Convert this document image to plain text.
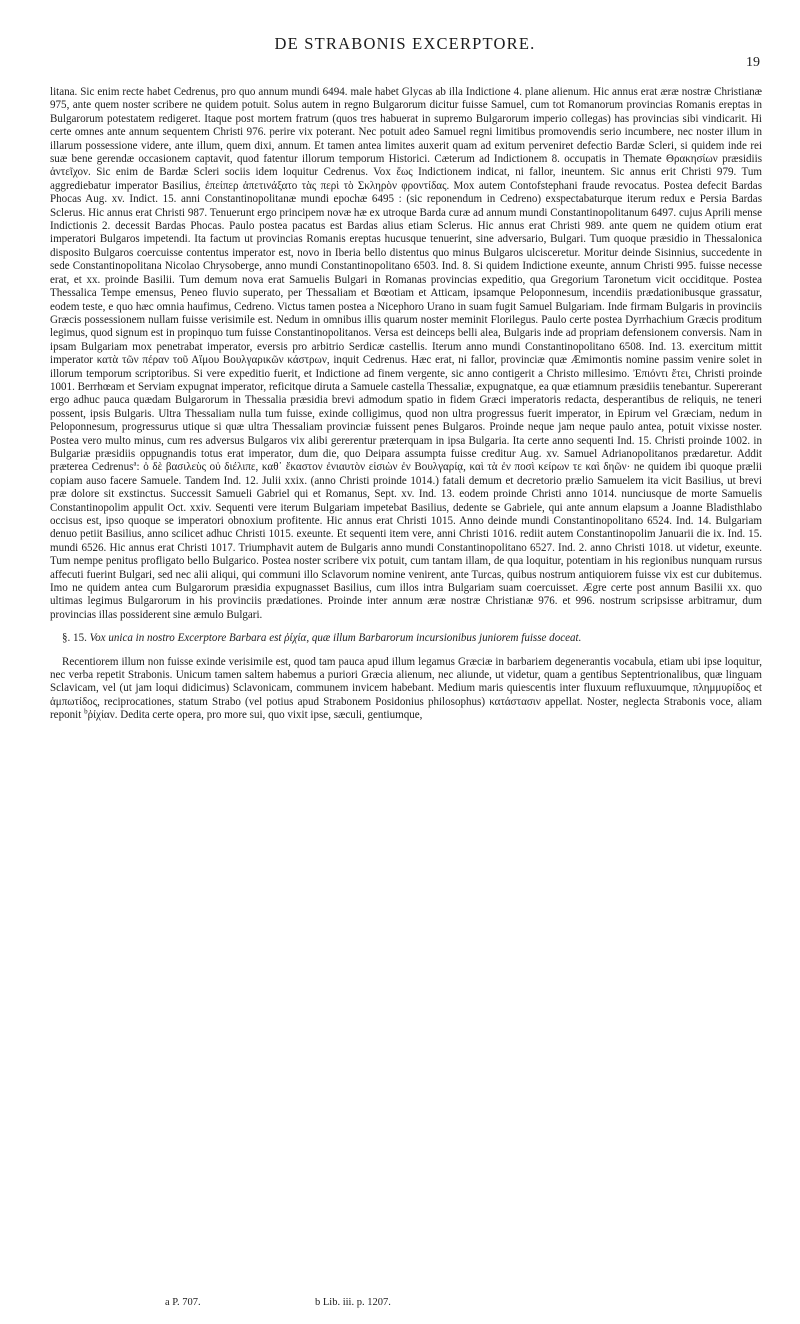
DE STRABONIS EXCERPTORE.
19

litana. Sic enim recte habet Cedrenus, pro quo annum mundi 6494. male habet Glycas ab illa Indictione 4. plane alienum. Hic annus erat æræ nostræ Christianæ 975, ante quem noster scribere ne quidem potuit. Solus autem in regno Bulgarorum dicitur fuisse Samuel, cum tot Romanorum provincias Romanis ereptas in Bulgarorum potestatem redigeret. Itaque post mortem fratrum (quos tres habuerat in supremo Bulgarorum imperio collegas) has provincias sibi vindicarit. Hi certe omnes ante annum sequentem Christi 976. perire vix poterant. Nec potuit adeo Samuel regni limitibus promovendis serio incumbere, nec noster illum in illarum possessione videre, ante illum, quem dixi, annum. Et tamen antea limites auxerit quam ad exitum perveniret defectio Bardæ Scleri, si quidem inde rei suæ bene gerendæ occasionem captavit, quod fatentur illorum temporum Historici. Cæterum ad Indictionem 8. occupatis in Themate Θρακησίων præsidiis ἀντεῖχον. Sic enim de Bardæ Scleri sociis idem loquitur Cedrenus. Vox ἕως Indictionem indicat, ni fallor, ineuntem. Sic annus erit Christi 979. Tum aggrediebatur imperator Basilius, ἐπείπερ ἀπετινάξατο τὰς περὶ τὸ Σκληρὸν φροντίδας. Mox autem Contofstephani fraude revocatus. Postea defecit Bardas Phocas Aug. xv. Indict. 15. anni Constantinopolitanæ mundi epochæ 6495 : (sic reponendum in Cedreno) exspectabaturque iterum redux e Persia Bardas Sclerus. Hic annus erat Christi 987. Tenuerunt ergo principem novæ hæ ex utroque Barda curæ ad annum mundi Constantinopolitanum 6497. cujus Aprili mense Indictionis 2. decessit Bardas Phocas. Paulo postea pacatus est Bardas alius etiam Sclerus. Hic annus erat Christi 989. ante quem ne quidem otium erat imperatori Bulgaros impetendi. Ita factum ut provincias Romanis ereptas hucusque tenuerint, sine adversario, Bulgari. Tum quoque præsidio in Thessalonica disposito Bulgaros coercuisse contentus imperator est, novo in Iberia bello distentus quo minus Bulgaros ulcisceretur. Moritur deinde Sisinnius, succedente in sede Constantinopolitana Nicolao Chrysoberge, anno mundi Constantinopolitano 6503. Ind. 8. Si quidem Indictione exeunte, annum Christi 995. fuisse necesse erat, et xx. proinde Basilii. Tum demum nova erat Samuelis Bulgari in Romanas provincias expeditio, qua Gregorium Taronetum vicit occiditque. Postea Thessalica Tempe emensus, Peneo fluvio superato, per Thessaliam et Bœotiam et Atticam, ipsamque Peloponnesum, incendiis prædationibusque grassatur, eodem teste, e quo hæc omnia haufimus, Cedreno. Victus tamen postea a Nicephoro Urano in suam fugit Samuel Bulgariam. Inde firmam Bulgaris in provinciis Græcis possessionem nullam fuisse verisimile est. Nedum in omnibus illis quarum noster meminit Florilegus. Paulo certe postea Dyrrhachium Græcis proditum legimus, quod signum est in propinquo tum fuisse Constantinopolitanos. Versa est deinceps belli alea, Bulgaris inde ad propriam defensionem conversis. Nam in ipsam Bulgariam mox penetrabat imperator, eversis pro arbitrio Serdicæ castellis. Iterum anno mundi Constantinopolitano 6508. Ind. 13. exercitum mittit imperator κατὰ τῶν πέραν τοῦ Αἵμου Βουλγαρικῶν κάστρων, inquit Cedrenus. Hæc erat, ni fallor, provinciæ quæ Æmimontis nomine passim venire solet in illorum temporum scriptoribus. Si vere expeditio fuerit, et Indictione ad finem vergente, sic anno contigerit a Christo millesimo. Ἐπιόντι ἔτει, Christi proinde 1001. Berrhœam et Serviam expugnat imperator, reficitque diruta a Samuele castella Thessaliæ, expugnatque, ea quæ etiamnum præsidiis tenebantur. Supererant ergo adhuc pauca quædam Bulgarorum in Thessalia præsidia brevi admodum spatio in fidem Græci imperatoris redacta, desperantibus de reliquis, ne teneri possent, ipsis Bulgaris. Ultra Thessaliam nulla tum fuisse, exinde colligimus, quod non ultra progressus fuerit imperator, in Epirum vel Græciam, nedum in Peloponnesum, progressurus utique si quæ ultra Thessaliam provinciæ fuissent penes Bulgaros. Proinde neque jam neque paulo antea, potuit vixisse noster. Postea vero multo minus, cum res adversus Bulgaros vix alibi gererentur præterquam in ipsa Bulgaria. Ita certe anno sequenti Ind. 15. Christi proinde 1002. in Bulgariæ præsidiis oppugnandis totus erat imperator, dum die, quo Deipara assumpta fuisse creditur Aug. xv. Samuel Adrianopolitanos prædaretur. Addit præterea Cedrenus$^a$: ὁ δὲ βασιλεὺς οὐ διέλιπε, καθ᾿ ἕκαστον ἐνιαυτὸν εἰσιὼν ἐν Βουλγαρίᾳ, καὶ τὰ ἐν ποσὶ κείρων τε καὶ δηῶν· ne quidem ibi quoque prælii copiam auso facere Samuele. Tandem Ind. 12. Julii xxix. (anno Christi proinde 1014.) fatali demum et decretorio prælio Samuelem ita vicit Basilius, ut brevi præ dolore sit exstinctus. Successit Samueli Gabriel qui et Romanus, Sept. xv. Ind. 13. eodem proinde Christi anno 1014. nunciusque de morte Samuelis Constantinopolim appulit Oct. xxiv. Sequenti vere iterum Bulgariam impetebat Basilius, dedente se Gabriele, qui ante annum elapsum a Joanne Bladisthlabo occisus est, ipso quoque se imperatori obnoxium profitente. Hic annus erat Christi 1015. Anno deinde mundi Constantinopolitano 6524. Ind. 14. Bulgariam denuo petiit Basilius, anno scilicet adhuc Christi 1015. exeunte. Et sequenti item vere, anni Christi 1016. rediit autem Constantinopolim Januarii die ix. Ind. 15. mundi 6526. Hic annus erat Christi 1017. Triumphavit autem de Bulgaris anno mundi Constantinopolitano 6527. Ind. 2. anno Christi 1018. ut videtur, exeunte. Tum nempe penitus profligato bello Bulgarico. Postea noster scribere vix potuit, cum tantam illam, de qua loquitur, potentiam in his regionibus nunquam rursus affecuti fuerint Bulgari, sed nec alii aliqui, qui communi illo Sclavorum nomine venirent, ante Turcas, quibus nostrum antiquiorem fuisse vix est cur dubitemus. Imo ne quidem antea cum Bulgarorum præsidia expugnasset Basilius, cum illos intra Bulgariam suam coercuisset. Ægre certe post annum Basilii xx. quo ultimas legimus Bulgarorum in his provinciis prædationes. Proinde inter annum æræ nostræ Christianæ 976. et 996. nostrum scripsisse arbitramur, dum provincias illas possiderent sine æmulo Bulgari.

§. 15. Vox unica in nostro Excerptore Barbara est ῥίχία, quæ illum Barbarorum incursionibus juniorem fuisse doceat.

Recentiorem illum non fuisse exinde verisimile est, quod tam pauca apud illum legamus Græciæ in barbariem degenerantis vocabula, etiam ubi ipse loquitur, nec verba repetit Strabonis. Unicum tamen saltem habemus a puriori Græcia alienum, nec aliunde, ut videtur, quam a gentibus Septentrionalibus, quæ linguam Sclavicam, vel (ut jam loqui didicimus) Sclavonicam, communem invicem habebant. Medium maris quiescentis inter fluxuum refluxuumque, πλημμυρίδος et ἀμπωτίδος, reciprocationes, statum Strabo (vel potius apud Strabonem Posidonius philosophus) κατάστασιν appellat. Noster, neglecta Strabonis voce, aliam reponit $^b$ῥίχίαν. Dedita certe opera, pro more sui, quo vixit ipse, sæculi, gentiumque,

a P. 707.	b Lib. iii. p. 1207.
